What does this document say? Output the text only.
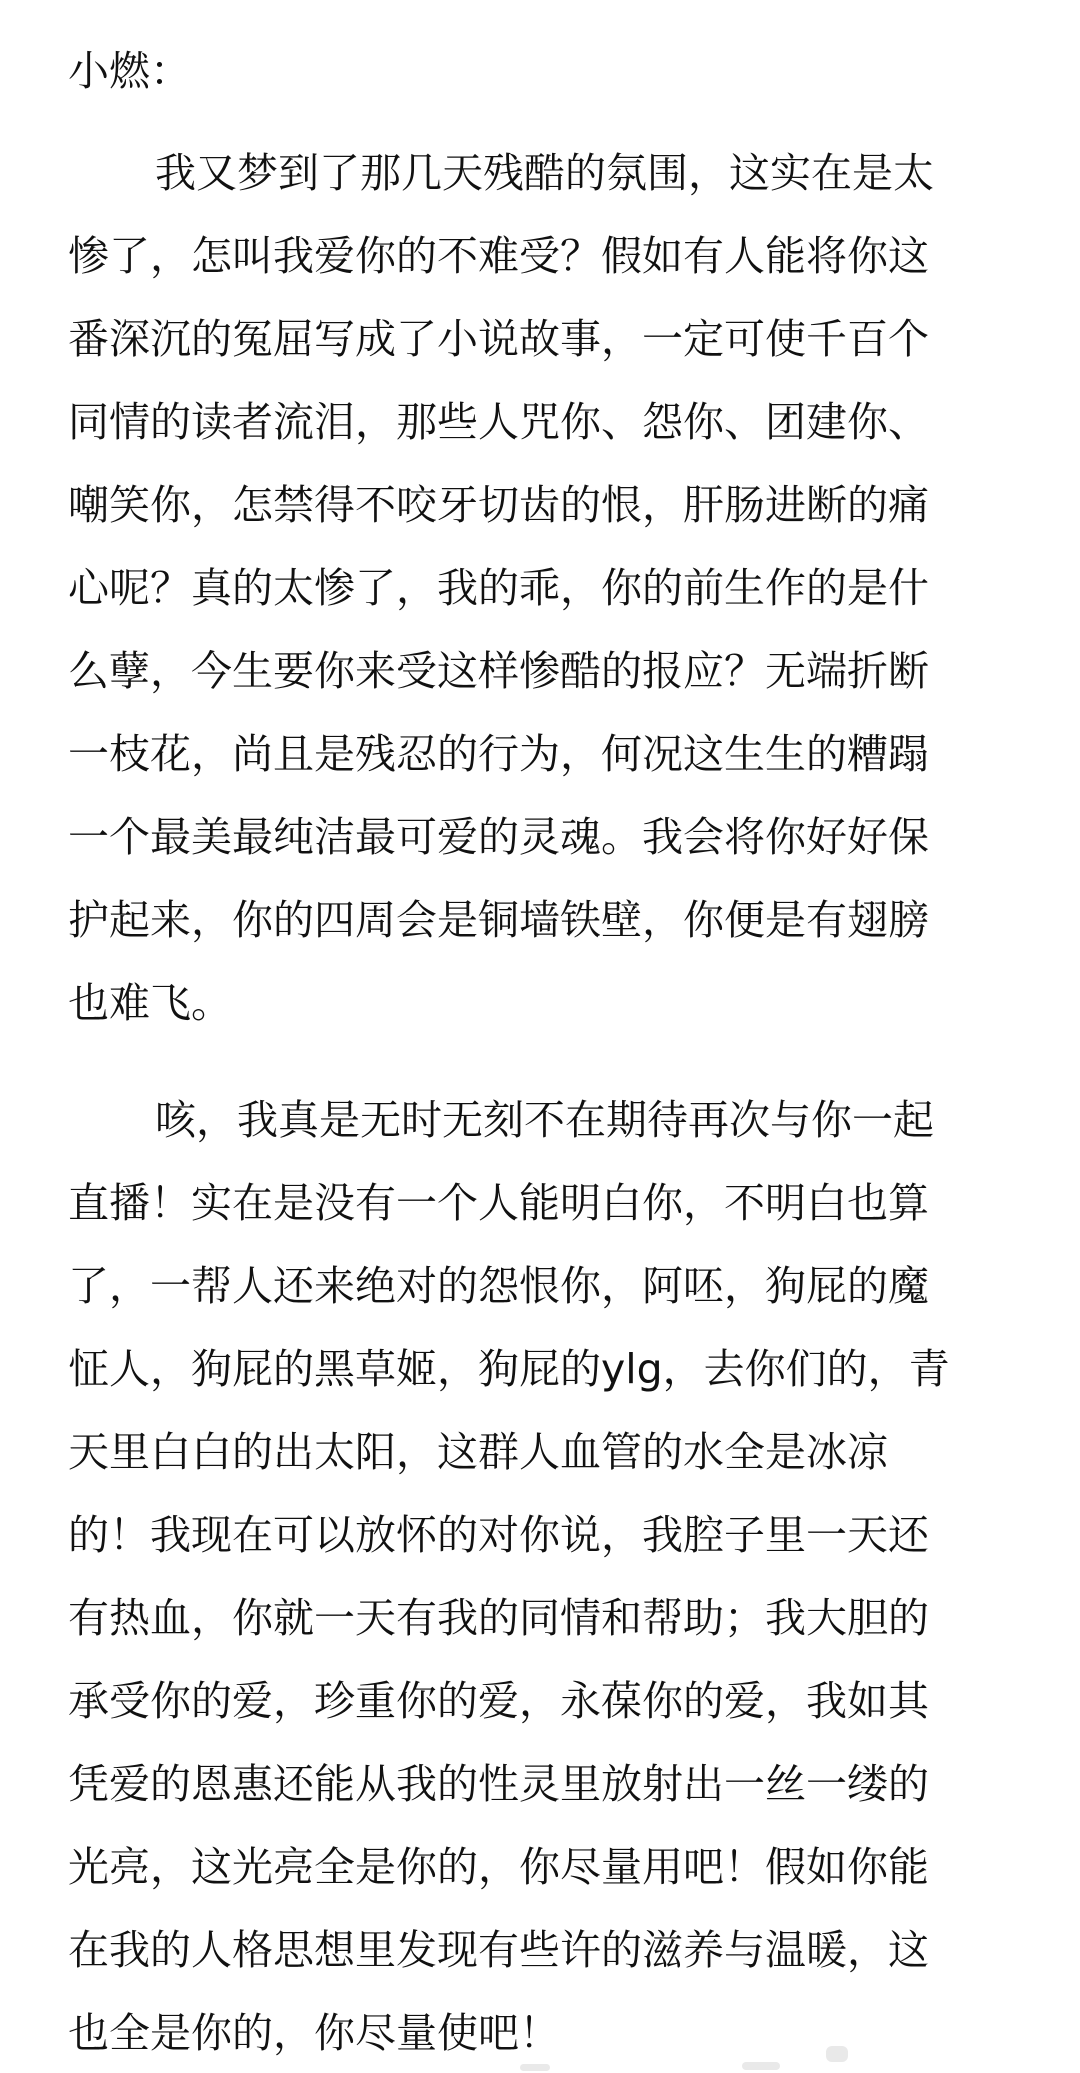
小燃：

我又梦到了那几天残酷的氛围，这实在是太

惨了，怎叫我爱你的不难受？假如有人能将你这

番深沉的冤屈写成了小说故事，一定可使千百个

同情的读者流泪，那些人咒你、怨你、团建你、

嘲笑你，怎禁得不咬牙切齿的恨，肝肠进断的痛

心呢？真的太惨了，我的乖，你的前生作的是什

么孽，今生要你来受这样惨酷的报应？无端折断

一枝花，尚且是残忍的行为，何况这生生的糟蹋

一个最美最纯洁最可爱的灵魂。我会将你好好保

护起来，你的四周会是铜墙铁壁，你便是有翅膀

也难飞。

咳，我真是无时无刻不在期待再次与你一起

直播！实在是没有一个人能明白你，不明白也算

了，一帮人还来绝对的怨恨你，阿呸，狗屁的魔

怔人，狗屁的黑草姬，狗屁的ylg，去你们的，青

天里白白的出太阳，这群人血管的水全是冰凉

的！我现在可以放怀的对你说，我腔子里一天还

有热血，你就一天有我的同情和帮助；我大胆的

承受你的爱，珍重你的爱，永葆你的爱，我如其

凭爱的恩惠还能从我的性灵里放射出一丝一缕的

光亮，这光亮全是你的，你尽量用吧！假如你能

在我的人格思想里发现有些许的滋养与温暖，这

也全是你的，你尽量使吧！
